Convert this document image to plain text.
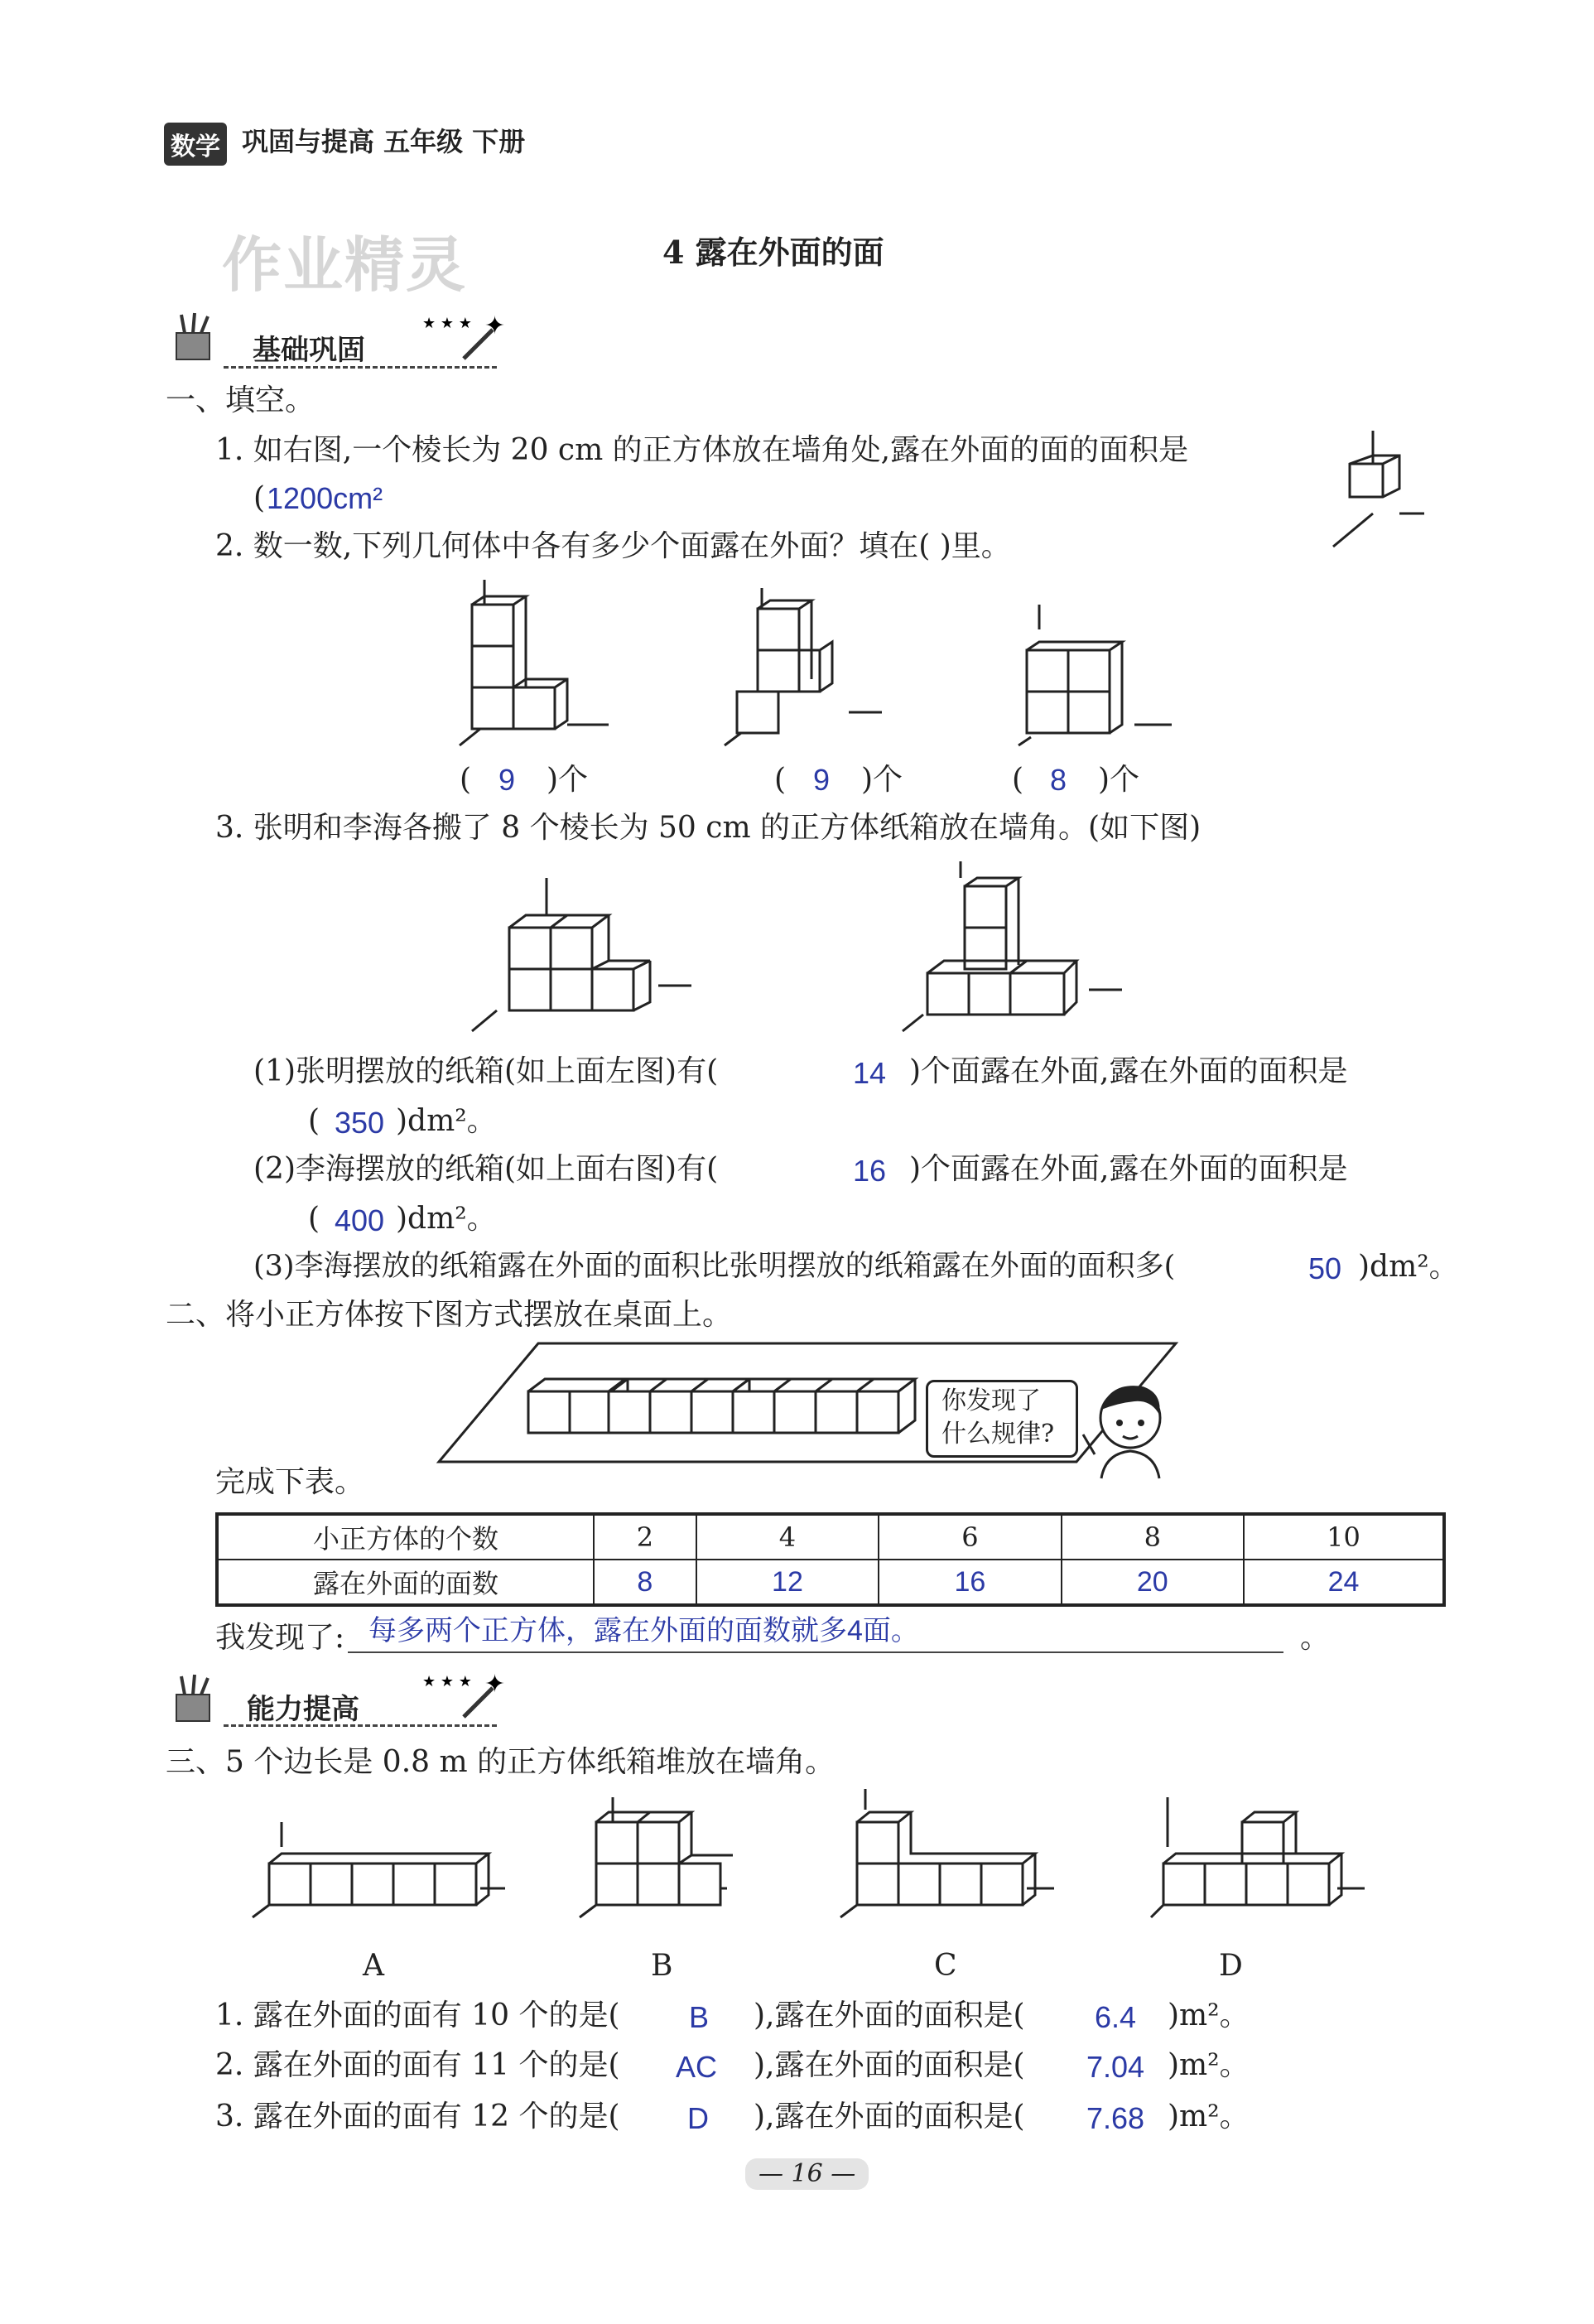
数学 巩固与提高 五年级 下册
作业精灵	4 露在外面的面
基础巩固
★ ★ ★ ✦
一、填空。
1. 如右图,一个棱长为 20 cm 的正方体放在墙角处,露在外面的面的面积是
( 1200cm²
2. 数一数,下列几何体中各有多少个面露在外面？填在( )里。
( 9 )个	( 9 )个	( 8 )个
3. 张明和李海各搬了 8 个棱长为 50 cm 的正方体纸箱放在墙角。(如下图)
(1)张明摆放的纸箱(如上面左图)有(	14 )个面露在外面,露在外面的面积是
( 350 )dm²。
(2)李海摆放的纸箱(如上面右图)有(	16 )个面露在外面,露在外面的面积是
( 400 )dm²。
(3)李海摆放的纸箱露在外面的面积比张明摆放的纸箱露在外面的面积多(	50 )dm²。
二、将小正方体按下图方式摆放在桌面上。
你发现了
什么规律?
完成下表。
小正方体的个数	2	4	6	8	10
露在外面的面数	8	12	16	20	24
我发现了: 每多两个正方体，露在外面的面数就多4面。	。
能力提高
★ ★ ★ ✦
三、5 个边长是 0.8 m 的正方体纸箱堆放在墙角。
A	B	C	D
1. 露在外面的面有 10 个的是( B ),露在外面的面积是( 6.4 )m²。
2. 露在外面的面有 11 个的是( AC ),露在外面的面积是( 7.04 )m²。
3. 露在外面的面有 12 个的是( D ),露在外面的面积是( 7.68 )m²。
— 16 —
